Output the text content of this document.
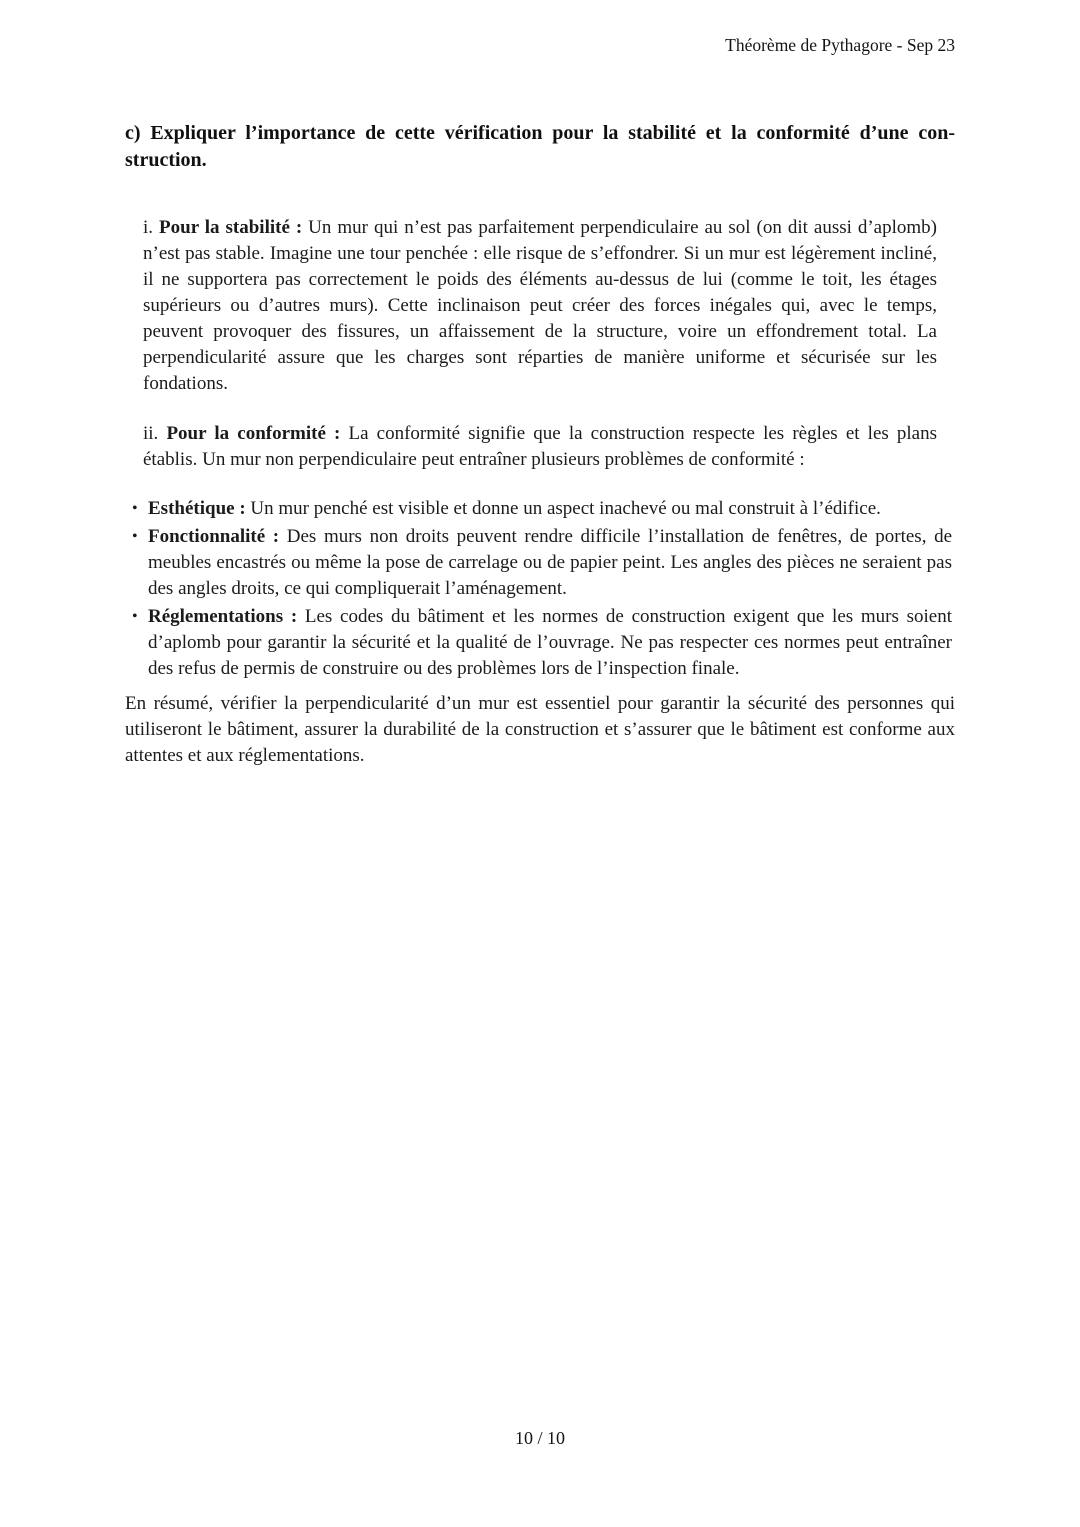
Théorème de Pythagore - Sep 23
c) Expliquer l’importance de cette vérification pour la stabilité et la conformité d’une con-
struction.

i. Pour la stabilité : Un mur qui n’est pas parfaitement perpendiculaire au sol (on dit aussi d’aplomb) n’est pas stable. Imagine une tour penchée : elle risque de s’effondrer. Si un mur est légèrement incliné, il ne supportera pas correctement le poids des éléments au-dessus de lui (comme le toit, les étages supérieurs ou d’autres murs). Cette inclinaison peut créer des forces inégales qui, avec le temps, peuvent provoquer des fissures, un affaissement de la structure, voire un effondrement total. La perpendicularité assure que les charges sont réparties de manière uniforme et sécurisée sur les fondations.

ii. Pour la conformité : La conformité signifie que la construction respecte les règles et les plans établis. Un mur non perpendiculaire peut entraîner plusieurs problèmes de conformité :

• Esthétique : Un mur penché est visible et donne un aspect inachevé ou mal construit à l’édifice.
• Fonctionnalité : Des murs non droits peuvent rendre difficile l’installation de fenêtres, de portes, de meubles encastrés ou même la pose de carrelage ou de papier peint. Les angles des pièces ne seraient pas des angles droits, ce qui compliquerait l’aménagement.
• Réglementations : Les codes du bâtiment et les normes de construction exigent que les murs soient d’aplomb pour garantir la sécurité et la qualité de l’ouvrage. Ne pas respecter ces normes peut entraîner des refus de permis de construire ou des problèmes lors de l’inspection finale.

En résumé, vérifier la perpendicularité d’un mur est essentiel pour garantir la sécurité des personnes qui utiliseront le bâtiment, assurer la durabilité de la construction et s’assurer que le bâtiment est conforme aux attentes et aux réglementations.

10 / 10
